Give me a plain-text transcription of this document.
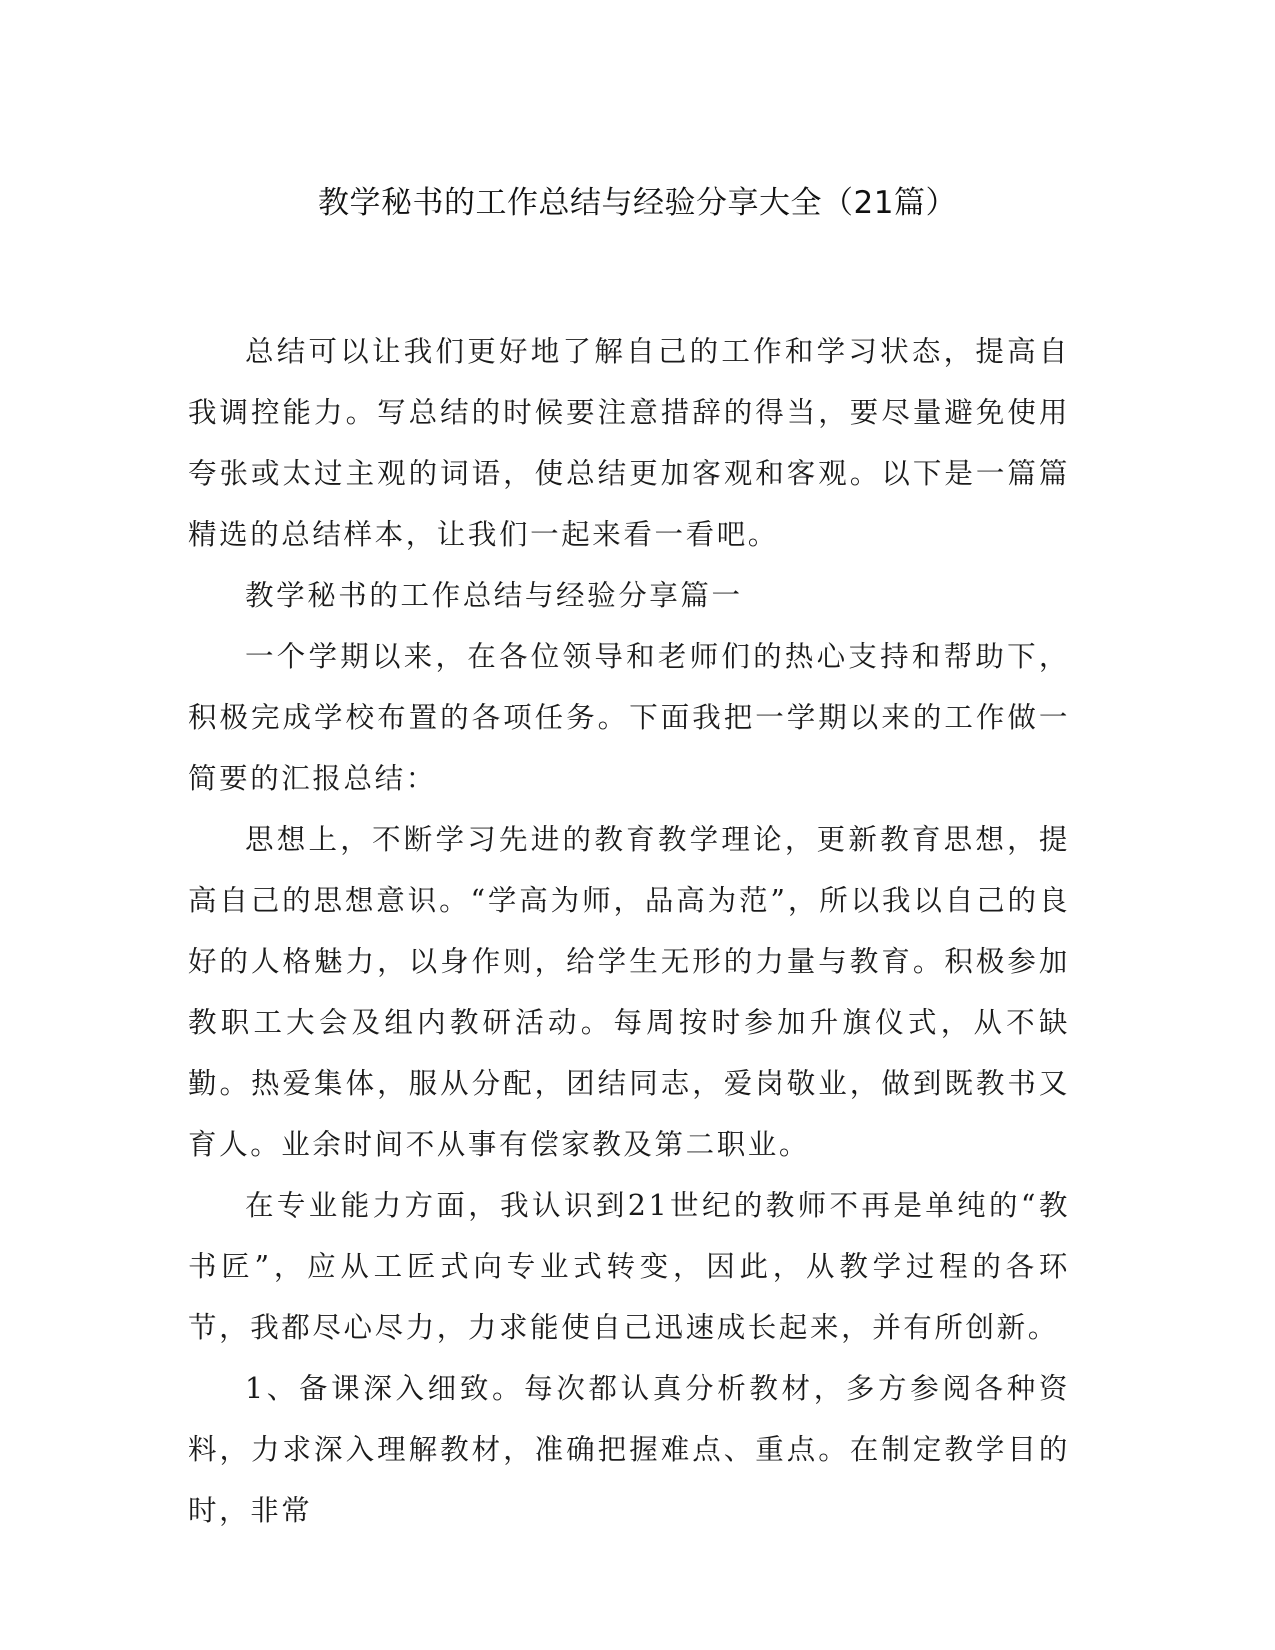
教学秘书的工作总结与经验分享大全（21篇）

总结可以让我们更好地了解自己的工作和学习状态，提高自我调控能力。写总结的时候要注意措辞的得当，要尽量避免使用夸张或太过主观的词语，使总结更加客观和客观。以下是一篇篇精选的总结样本，让我们一起来看一看吧。

教学秘书的工作总结与经验分享篇一

一个学期以来，在各位领导和老师们的热心支持和帮助下，积极完成学校布置的各项任务。下面我把一学期以来的工作做一简要的汇报总结：

思想上，不断学习先进的教育教学理论，更新教育思想，提高自己的思想意识。“学高为师，品高为范”，所以我以自己的良好的人格魅力，以身作则，给学生无形的力量与教育。积极参加教职工大会及组内教研活动。每周按时参加升旗仪式，从不缺勤。热爱集体，服从分配，团结同志，爱岗敬业，做到既教书又育人。业余时间不从事有偿家教及第二职业。

在专业能力方面，我认识到21世纪的教师不再是单纯的“教书匠”，应从工匠式向专业式转变，因此，从教学过程的各环节，我都尽心尽力，力求能使自己迅速成长起来，并有所创新。

1、备课深入细致。每次都认真分析教材，多方参阅各种资料，力求深入理解教材，准确把握难点、重点。在制定教学目的时，非常
